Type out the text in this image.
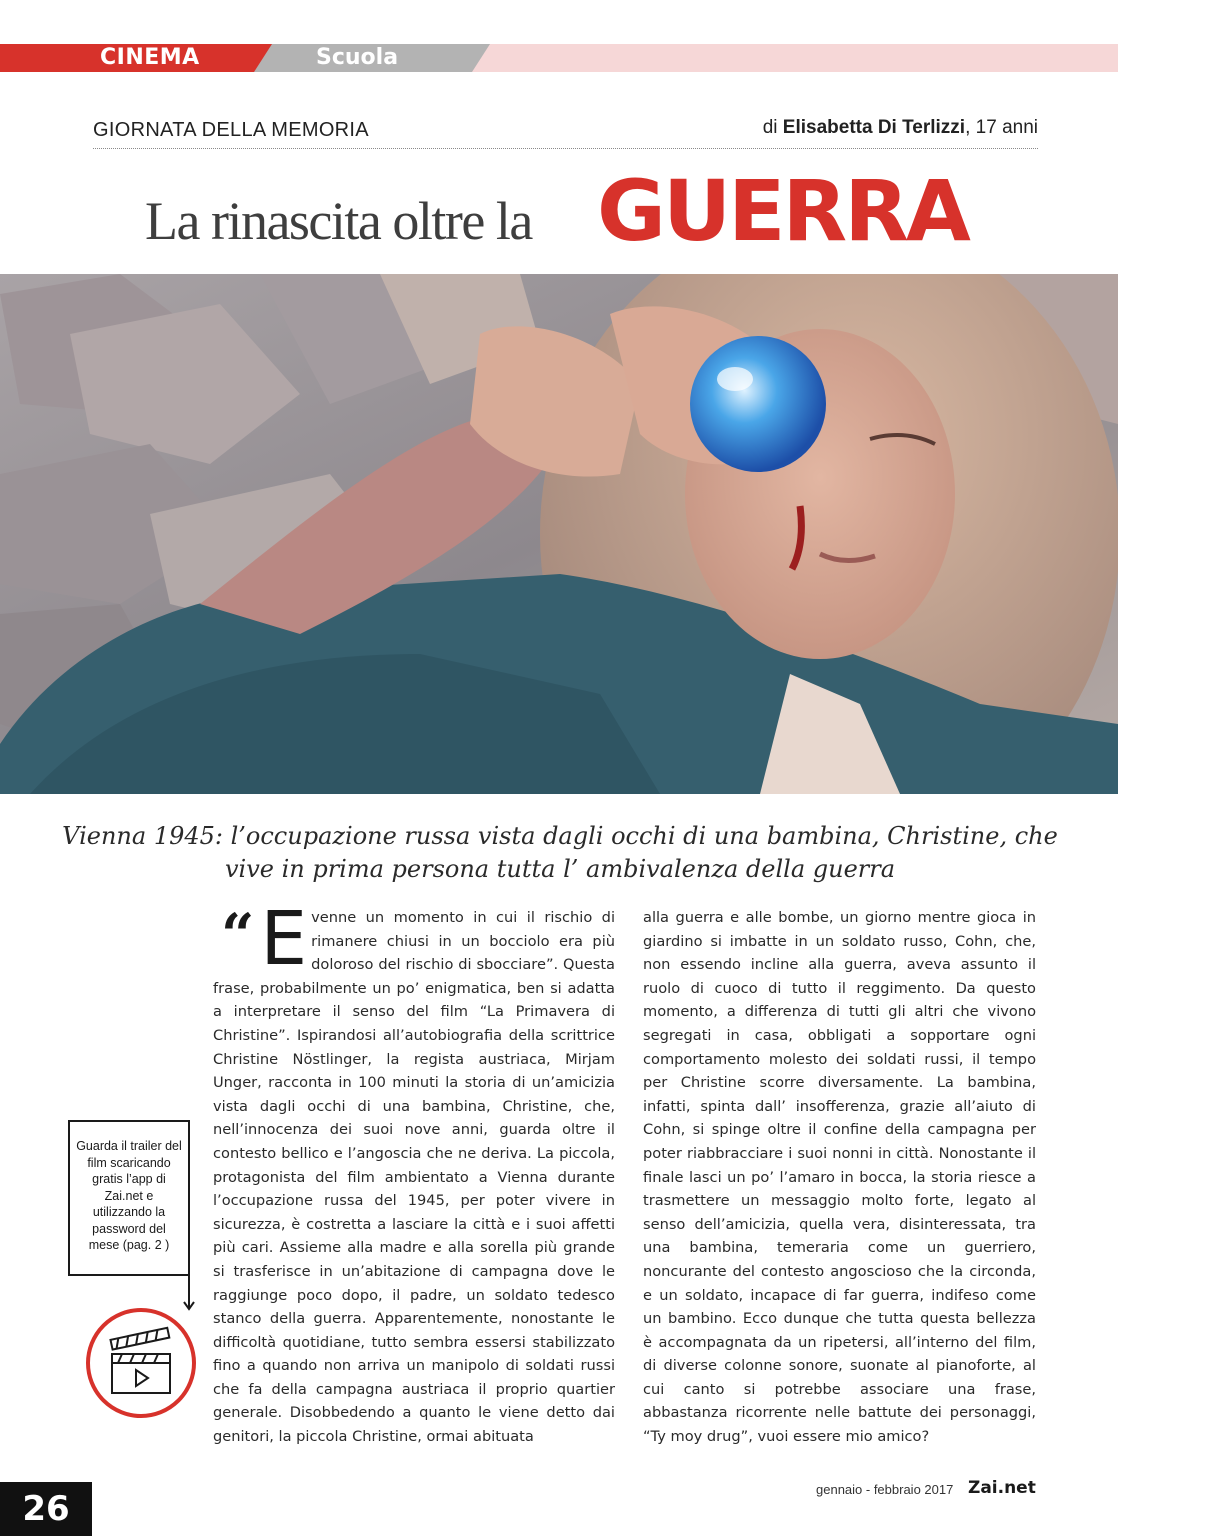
CINEMA	Scuola
GIORNATA DELLA MEMORIA	di Elisabetta Di Terlizzi, 17 anni
La rinascita oltre la GUERRA
Vienna 1945: l’occupazione russa vista dagli occhi di una bambina, Christine, che vive in prima persona tutta l’ ambivalenza della guerra
“ E venne un momento in cui il rischio di rimanere chiusi in un bocciolo era più doloroso del rischio di sbocciare”. Questa frase, probabilmente un po’ enigmatica, ben si adatta a interpretare il senso del film “La Primavera di Christine”. Ispirandosi all’autobiografia della scrittrice Christine Nöstlinger, la regista austriaca, Mirjam Unger, racconta in 100 minuti la storia di un’amicizia vista dagli occhi di una bambina, Christine, che, nell’innocenza dei suoi nove anni, guarda oltre il contesto bellico e l’angoscia che ne deriva. La piccola, protagonista del film ambientato a Vienna durante l’occupazione russa del 1945, per poter vivere in sicurezza, è costretta a lasciare la città e i suoi affetti più cari. Assieme alla madre e alla sorella più grande si trasferisce in un’abitazione di campagna dove le raggiunge poco dopo, il padre, un soldato tedesco stanco della guerra. Apparentemente, nonostante le difficoltà quotidiane, tutto sembra essersi stabilizzato fino a quando non arriva un manipolo di soldati russi che fa della campagna austriaca il proprio quartier generale. Disobbedendo a quanto le viene detto dai genitori, la piccola Christine, ormai abituata

alla guerra e alle bombe, un giorno mentre gioca in giardino si imbatte in un soldato russo, Cohn, che, non essendo incline alla guerra, aveva assunto il ruolo di cuoco di tutto il reggimento. Da questo momento, a differenza di tutti gli altri che vivono segregati in casa, obbligati a sopportare ogni comportamento molesto dei soldati russi, il tempo per Christine scorre diversamente. La bambina, infatti, spinta dall’ insofferenza, grazie all’aiuto di Cohn, si spinge oltre il confine della campagna per poter riabbracciare i suoi nonni in città. Nonostante il finale lasci un po’ l’amaro in bocca, la storia riesce a trasmettere un messaggio molto forte, legato al senso dell’amicizia, quella vera, disinteressata, tra una bambina, temeraria come un guerriero, noncurante del contesto angoscioso che la circonda, e un soldato, incapace di far guerra, indifeso come un bambino. Ecco dunque che tutta questa bellezza è accompagnata da un ripetersi, all’interno del film, di diverse colonne sonore, suonate al pianoforte, al cui canto si potrebbe associare una frase, abbastanza ricorrente nelle battute dei personaggi, “Ty moy drug”, vuoi essere mio amico?

Guarda il trailer del film scaricando gratis l’app di Zai.net e utilizzando la password del mese (pag. 2 )
26	gennaio - febbraio 2017 Zai.net
